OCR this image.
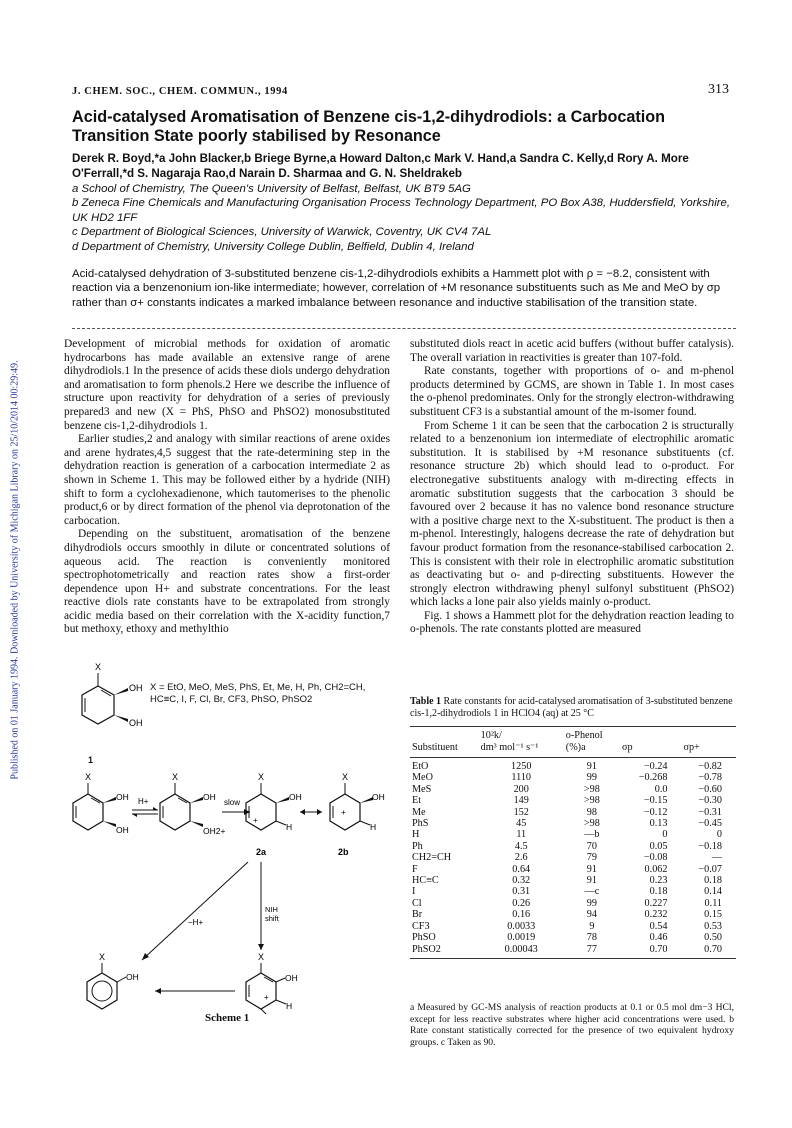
Published on 01 January 1994. Downloaded by University of Michigan Library on 25/10/2014 00:29:49.
J. CHEM. SOC., CHEM. COMMUN., 1994	313
Acid-catalysed Aromatisation of Benzene cis-1,2-dihydrodiols: a Carbocation Transition State poorly stabilised by Resonance
Derek R. Boyd,*a John Blacker,b Briege Byrne,a Howard Dalton,c Mark V. Hand,a Sandra C. Kelly,d Rory A. More O'Ferrall,*d S. Nagaraja Rao,d Narain D. Sharmaa and G. N. Sheldrakeb
a School of Chemistry, The Queen's University of Belfast, Belfast, UK BT9 5AG
b Zeneca Fine Chemicals and Manufacturing Organisation Process Technology Department, PO Box A38, Huddersfield, Yorkshire, UK HD2 1FF
c Department of Biological Sciences, University of Warwick, Coventry, UK CV4 7AL
d Department of Chemistry, University College Dublin, Belfield, Dublin 4, Ireland
Acid-catalysed dehydration of 3-substituted benzene cis-1,2-dihydrodiols exhibits a Hammett plot with ρ = −8.2, consistent with reaction via a benzenonium ion-like intermediate; however, correlation of +M resonance substituents such as Me and MeO by σp rather than σ+ constants indicates a marked imbalance between resonance and inductive stabilisation of the transition state.

Development of microbial methods for oxidation of aromatic hydrocarbons has made available an extensive range of arene dihydrodiols.1 In the presence of acids these diols undergo dehydration and aromatisation to form phenols.2 Here we describe the influence of structure upon reactivity for dehydration of a series of previously prepared3 and new (X = PhS, PhSO and PhSO2) monosubstituted benzene cis-1,2-dihydrodiols 1.

Earlier studies,2 and analogy with similar reactions of arene oxides and arene hydrates,4,5 suggest that the rate-determining step in the dehydration reaction is generation of a carbocation intermediate 2 as shown in Scheme 1. This may be followed either by a hydride (NIH) shift to form a cyclohexadienone, which tautomerises to the phenolic product,6 or by direct formation of the phenol via deprotonation of the carbocation.

Depending on the substituent, aromatisation of the benzene dihydrodiols occurs smoothly in dilute or concentrated solutions of aqueous acid. The reaction is conveniently monitored spectrophotometrically and reaction rates show a first-order dependence upon H+ and substrate concentrations. For the least reactive diols rate constants have to be extrapolated from strongly acidic media based on their correlation with the X-acidity function,7 but methoxy, ethoxy and methylthio

substituted diols react in acetic acid buffers (without buffer catalysis). The overall variation in reactivities is greater than 107-fold.

Rate constants, together with proportions of o- and m-phenol products determined by GCMS, are shown in Table 1. In most cases the o-phenol predominates. Only for the strongly electron-withdrawing substituent CF3 is a substantial amount of the m-isomer found.

From Scheme 1 it can be seen that the carbocation 2 is structurally related to a benzenonium ion intermediate of electrophilic aromatic substitution. It is stabilised by +M resonance substituents (cf. resonance structure 2b) which should lead to o-product. For electronegative substituents analogy with m-directing effects in aromatic substitution suggests that the carbocation 3 should be favoured over 2 because it has no valence bond resonance structure with a positive charge next to the X-substituent. The product is then a m-phenol. Interestingly, halogens decrease the rate of dehydration but favour product formation from the resonance-stabilised carbocation 2. This is consistent with their role in electrophilic aromatic substitution as deactivating but o- and p-directing substituents. However the strongly electron withdrawing phenyl sulfonyl substituent (PhSO2) which lacks a lone pair also yields mainly o-product.

Fig. 1 shows a Hammett plot for the dehydration reaction leading to o-phenols. The rate constants plotted are measured

X
OH
OH
X = EtO, MeO, MeS, PhS, Et, Me, H, Ph, CH2=CH, HC≡C, I, F, Cl, Br, CF3, PhSO, PhSO2
1
X
OH
OH
H+
X
OH
OH2+
slow
X
+
OH
H
2a
X
+
OH
H
2b
−H+
NIH
shift
X
OH
X
+
OH
H
Scheme 1
Table 1 Rate constants for acid-catalysed aromatisation of 3-substituted benzene cis-1,2-dihydrodiols 1 in HClO4 (aq) at 25 °C
	10²k/	o-Phenol		
Substituent	dm³ mol⁻¹ s⁻¹	(%)a	σp	σp+
EtO	1250	91	−0.24	−0.82
MeO	1110	99	−0.268	−0.78
MeS	200	>98	0.0	−0.60
Et	149	>98	−0.15	−0.30
Me	152	98	−0.12	−0.31
PhS	45	>98	0.13	−0.45
H	11	—b	0	0
Ph	4.5	70	0.05	−0.18
CH2=CH	2.6	79	−0.08	—
F	0.64	91	0.062	−0.07
HC≡C	0.32	91	0.23	0.18
I	0.31	—c	0.18	0.14
Cl	0.26	99	0.227	0.11
Br	0.16	94	0.232	0.15
CF3	0.0033	9	0.54	0.53
PhSO	0.0019	78	0.46	0.50
PhSO2	0.00043	77	0.70	0.70
a Measured by GC-MS analysis of reaction products at 0.1 or 0.5 mol dm−3 HCl, except for less reactive substrates where higher acid concentrations were used. b Rate constant statistically corrected for the presence of two equivalent hydroxy groups. c Taken as 90.
